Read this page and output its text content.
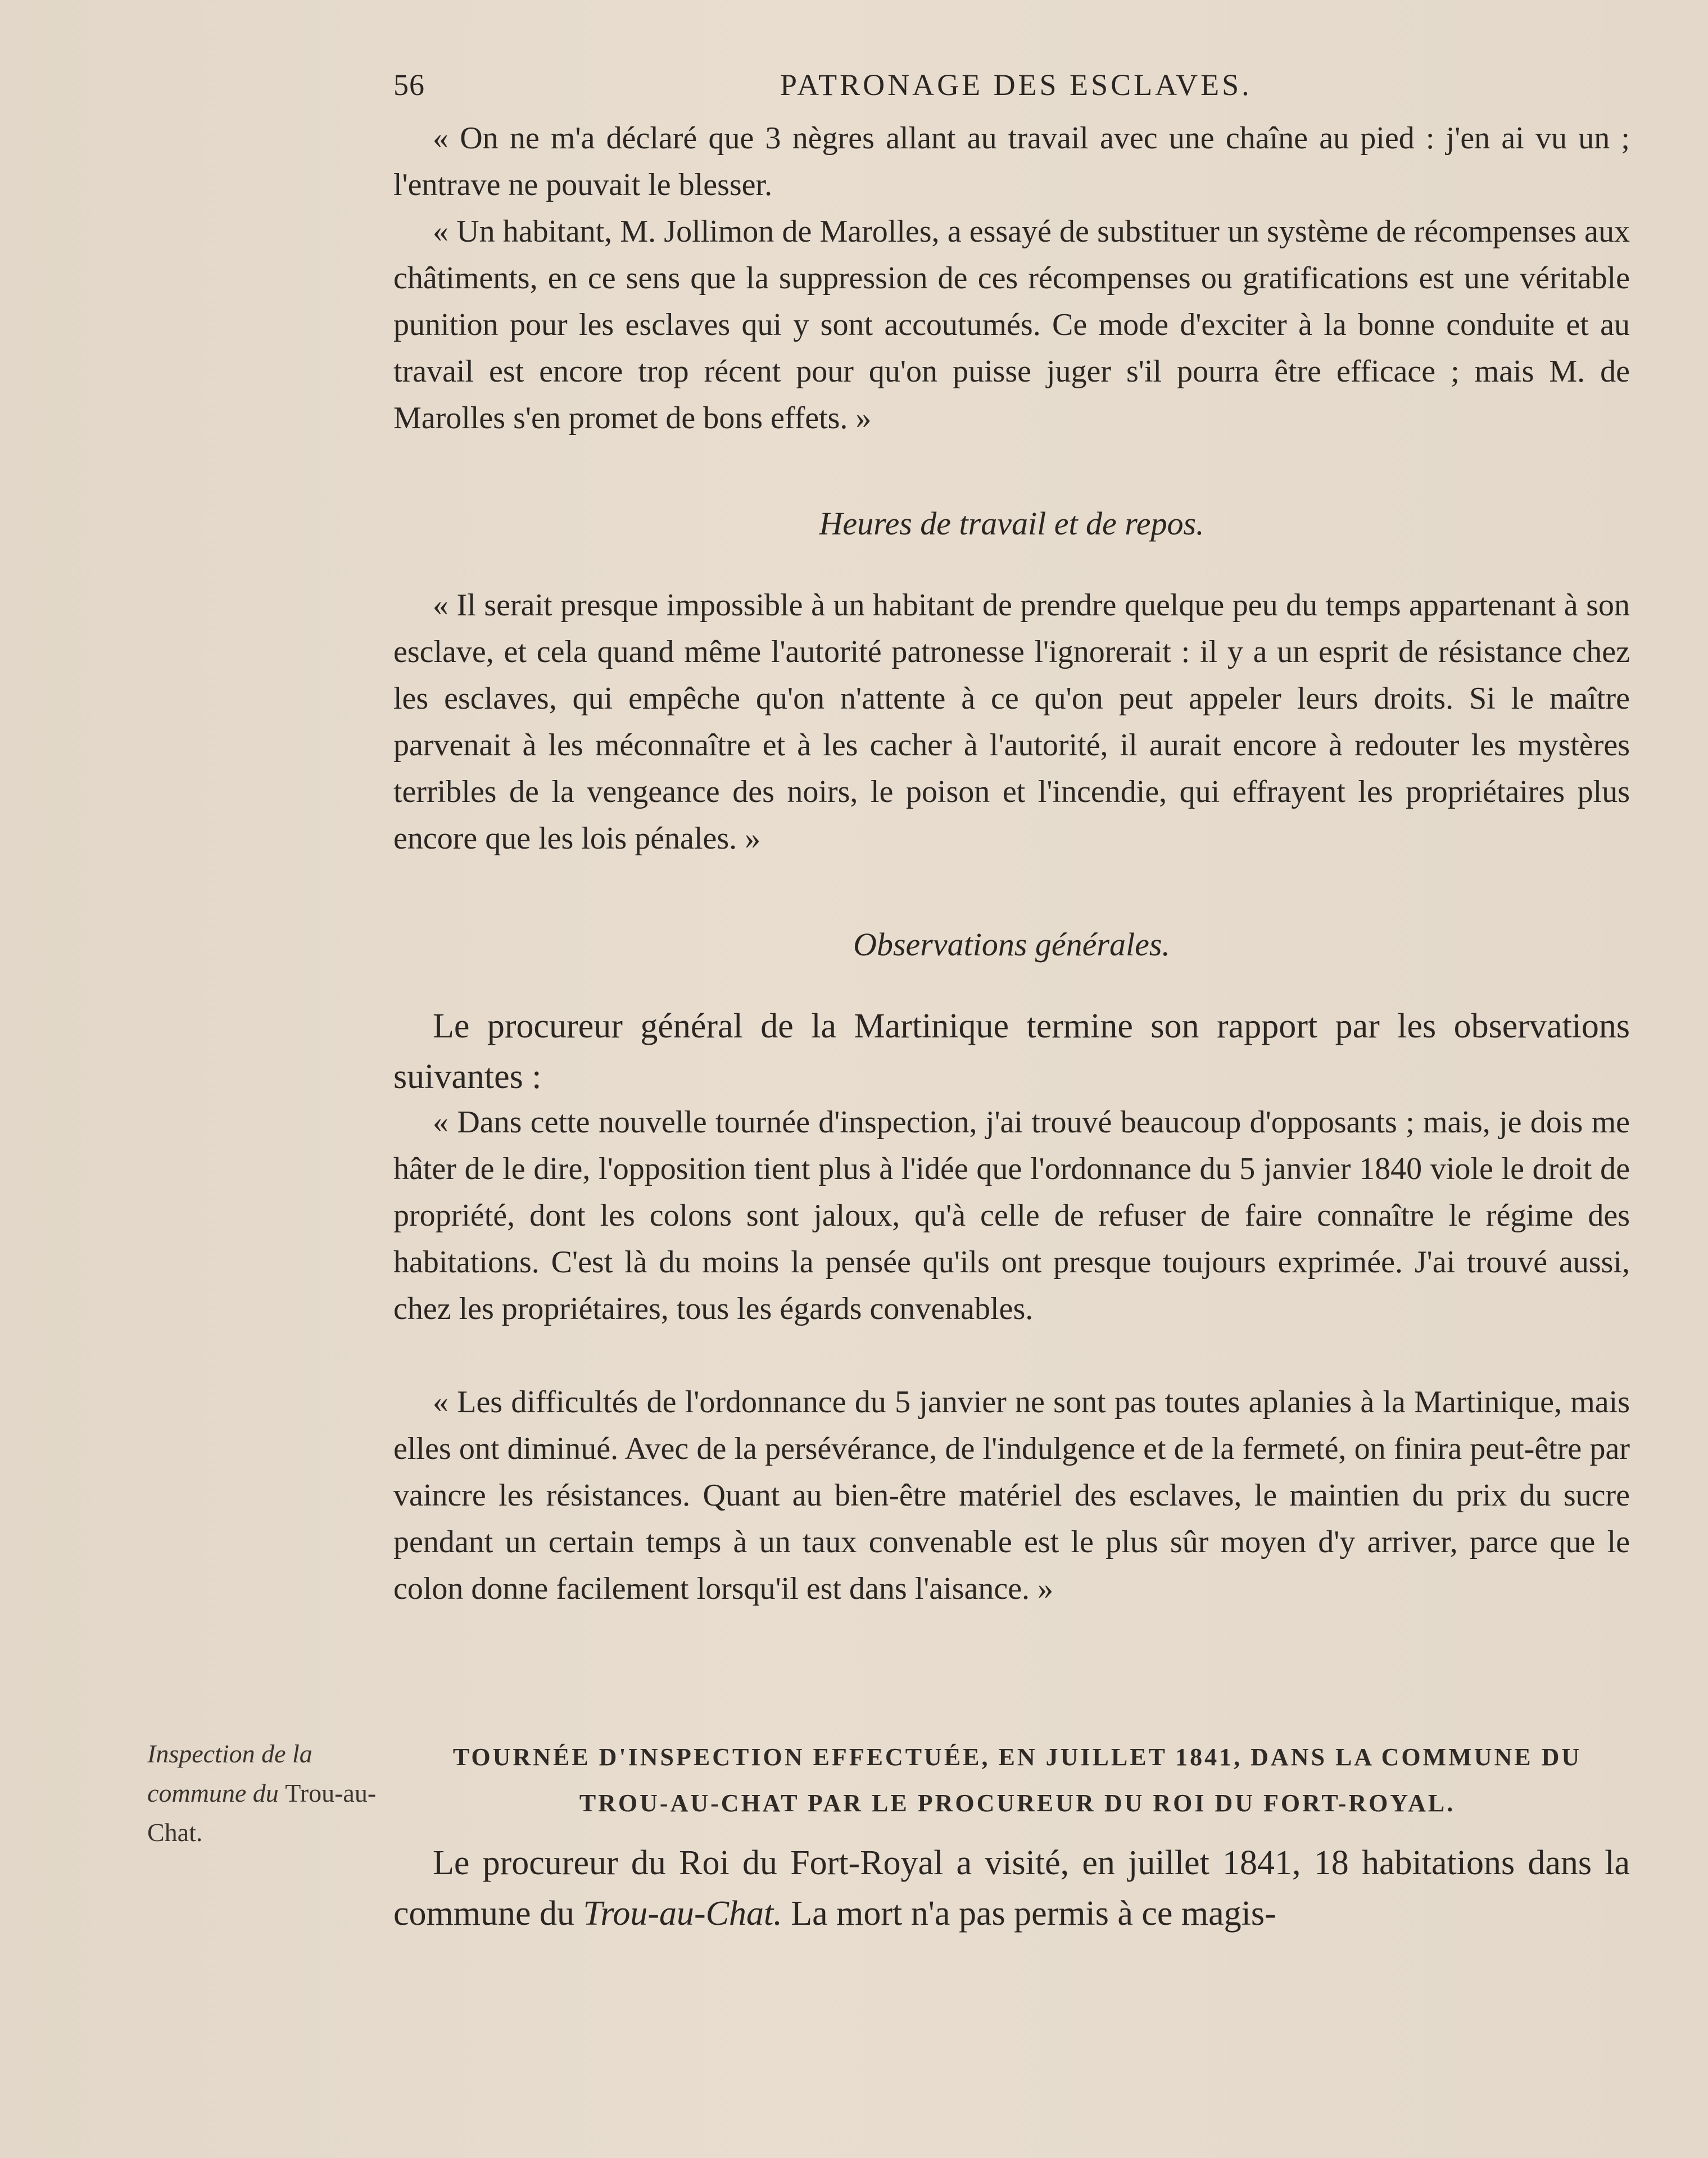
56	PATRONAGE DES ESCLAVES.

« On ne m'a déclaré que 3 nègres allant au travail avec une chaîne au pied : j'en ai vu un ; l'entrave ne pouvait le blesser.

« Un habitant, M. Jollimon de Marolles, a essayé de substituer un système de récompenses aux châtiments, en ce sens que la suppression de ces récompenses ou gratifications est une véritable punition pour les esclaves qui y sont accoutumés. Ce mode d'exciter à la bonne conduite et au travail est encore trop récent pour qu'on puisse juger s'il pourra être efficace ; mais M. de Marolles s'en promet de bons effets. »

Heures de travail et de repos.

« Il serait presque impossible à un habitant de prendre quelque peu du temps appartenant à son esclave, et cela quand même l'autorité patronesse l'ignorerait : il y a un esprit de résistance chez les esclaves, qui empêche qu'on n'attente à ce qu'on peut appeler leurs droits. Si le maître parvenait à les méconnaître et à les cacher à l'autorité, il aurait encore à redouter les mystères terribles de la vengeance des noirs, le poison et l'incendie, qui effrayent les propriétaires plus encore que les lois pénales. »

Observations générales.

Le procureur général de la Martinique termine son rapport par les observations suivantes :

« Dans cette nouvelle tournée d'inspection, j'ai trouvé beaucoup d'opposants ; mais, je dois me hâter de le dire, l'opposition tient plus à l'idée que l'ordonnance du 5 janvier 1840 viole le droit de propriété, dont les colons sont jaloux, qu'à celle de refuser de faire connaître le régime des habitations. C'est là du moins la pensée qu'ils ont presque toujours exprimée. J'ai trouvé aussi, chez les propriétaires, tous les égards convenables.

« Les difficultés de l'ordonnance du 5 janvier ne sont pas toutes aplanies à la Martinique, mais elles ont diminué. Avec de la persévérance, de l'indulgence et de la fermeté, on finira peut-être par vaincre les résistances. Quant au bien-être matériel des esclaves, le maintien du prix du sucre pendant un certain temps à un taux convenable est le plus sûr moyen d'y arriver, parce que le colon donne facilement lorsqu'il est dans l'aisance. »

Inspection de la commune du Trou-au-Chat.
TOURNÉE D'INSPECTION EFFECTUÉE, EN JUILLET 1841, DANS LA COMMUNE DU
TROU-AU-CHAT PAR LE PROCUREUR DU ROI DU FORT-ROYAL.

Le procureur du Roi du Fort-Royal a visité, en juillet 1841, 18 habitations dans la commune du Trou-au-Chat. La mort n'a pas permis à ce magis-
